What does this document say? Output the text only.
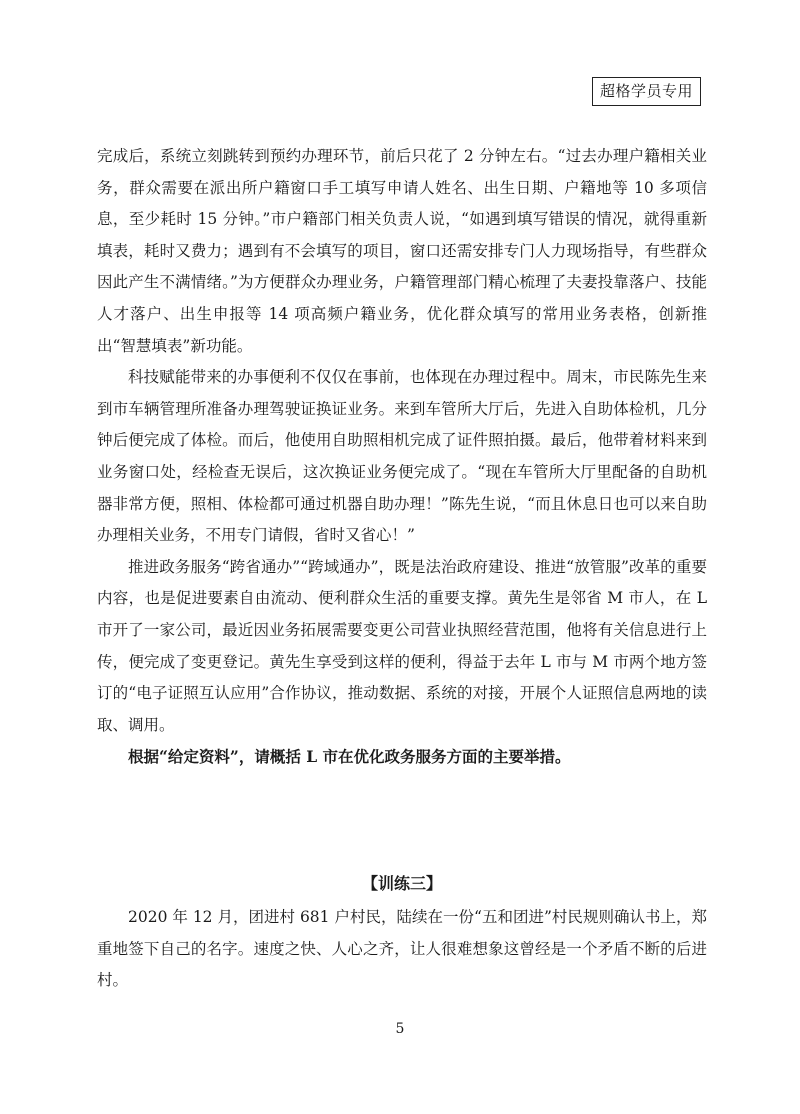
超格学员专用

完成后，系统立刻跳转到预约办理环节，前后只花了 2 分钟左右。“过去办理户籍相关业务，群众需要在派出所户籍窗口手工填写申请人姓名、出生日期、户籍地等 10 多项信息，至少耗时 15 分钟。”市户籍部门相关负责人说，“如遇到填写错误的情况，就得重新填表，耗时又费力；遇到有不会填写的项目，窗口还需安排专门人力现场指导，有些群众因此产生不满情绪。”为方便群众办理业务，户籍管理部门精心梳理了夫妻投靠落户、技能人才落户、出生申报等 14 项高频户籍业务，优化群众填写的常用业务表格，创新推出“智慧填表”新功能。

科技赋能带来的办事便利不仅仅在事前，也体现在办理过程中。周末，市民陈先生来到市车辆管理所准备办理驾驶证换证业务。来到车管所大厅后，先进入自助体检机，几分钟后便完成了体检。而后，他使用自助照相机完成了证件照拍摄。最后，他带着材料来到业务窗口处，经检查无误后，这次换证业务便完成了。“现在车管所大厅里配备的自助机器非常方便，照相、体检都可通过机器自助办理！”陈先生说，“而且休息日也可以来自助办理相关业务，不用专门请假，省时又省心！”

推进政务服务“跨省通办”“跨域通办”，既是法治政府建设、推进“放管服”改革的重要内容，也是促进要素自由流动、便利群众生活的重要支撑。黄先生是邻省 M 市人，在 L 市开了一家公司，最近因业务拓展需要变更公司营业执照经营范围，他将有关信息进行上传，便完成了变更登记。黄先生享受到这样的便利，得益于去年 L 市与 M 市两个地方签订的“电子证照互认应用”合作协议，推动数据、系统的对接，开展个人证照信息两地的读取、调用。

根据“给定资料”，请概括 L 市在优化政务服务方面的主要举措。

【训练三】

2020 年 12 月，团进村 681 户村民，陆续在一份“五和团进”村民规则确认书上，郑重地签下自己的名字。速度之快、人心之齐，让人很难想象这曾经是一个矛盾不断的后进村。

5
